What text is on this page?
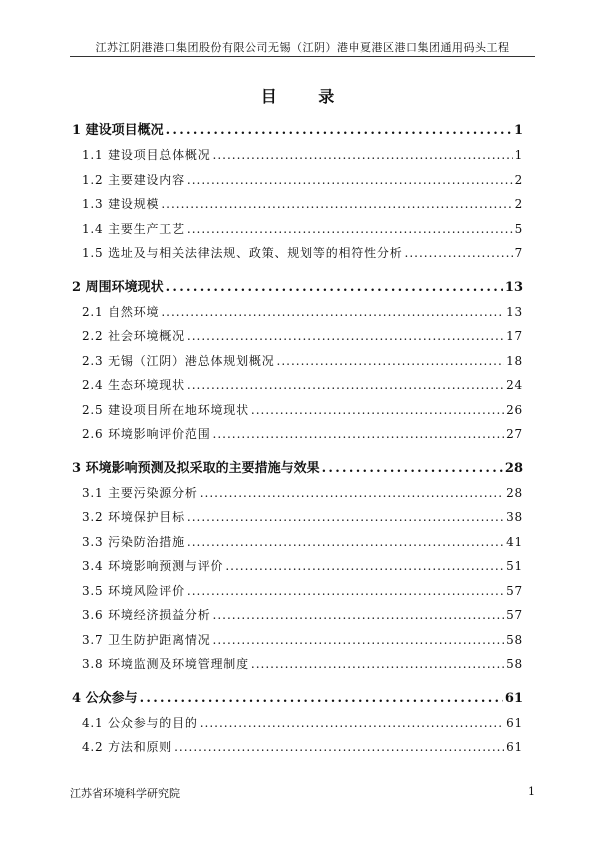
江苏江阴港港口集团股份有限公司无锡（江阴）港申夏港区港口集团通用码头工程
目 录
1 建设项目概况 .....	1
1.1 建设项目总体概况 .....	1
1.2 主要建设内容 .....	2
1.3 建设规模 .....	2
1.4 主要生产工艺 .....	5
1.5 选址及与相关法律法规、政策、规划等的相符性分析 .....	7
2 周围环境现状 .....	13
2.1 自然环境 .....	13
2.2 社会环境概况 .....	17
2.3 无锡（江阴）港总体规划概况 .....	18
2.4 生态环境现状 .....	24
2.5 建设项目所在地环境现状 .....	26
2.6 环境影响评价范围 .....	27
3 环境影响预测及拟采取的主要措施与效果 .....	28
3.1 主要污染源分析 .....	28
3.2 环境保护目标 .....	38
3.3 污染防治措施 .....	41
3.4 环境影响预测与评价 .....	51
3.5 环境风险评价 .....	57
3.6 环境经济损益分析 .....	57
3.7 卫生防护距离情况 .....	58
3.8 环境监测及环境管理制度 .....	58
4 公众参与 .....	61
4.1 公众参与的目的 .....	61
4.2 方法和原则 .....	61
江苏省环境科学研究院	1
